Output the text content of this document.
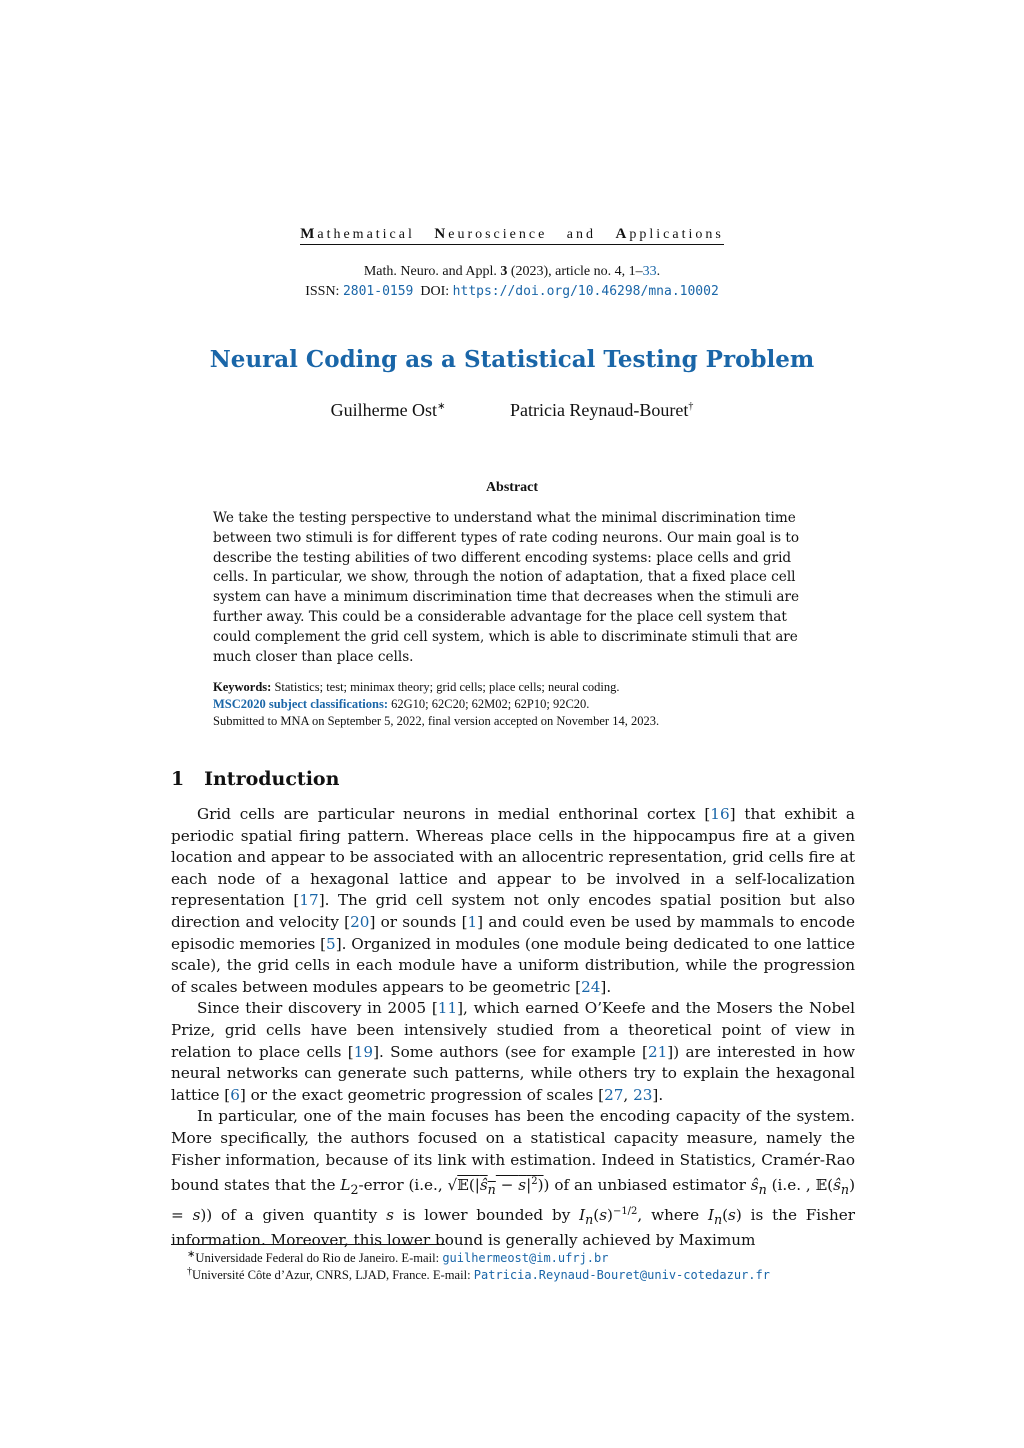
Mathematical   Neuroscience   and   Applications
Math. Neuro. and Appl. 3 (2023), article no. 4, 1–33.
ISSN: 2801-0159 DOI: https://doi.org/10.46298/mna.10002
Neural Coding as a Statistical Testing Problem
Guilherme Ost∗	Patricia Reynaud-Bouret†
Abstract
We take the testing perspective to understand what the minimal discrimination time between two stimuli is for different types of rate coding neurons. Our main goal is to describe the testing abilities of two different encoding systems: place cells and grid cells. In particular, we show, through the notion of adaptation, that a fixed place cell system can have a minimum discrimination time that decreases when the stimuli are further away. This could be a considerable advantage for the place cell system that could complement the grid cell system, which is able to discriminate stimuli that are much closer than place cells.
Keywords: Statistics; test; minimax theory; grid cells; place cells; neural coding.
MSC2020 subject classifications: 62G10; 62C20; 62M02; 62P10; 92C20.
Submitted to MNA on September 5, 2022, final version accepted on November 14, 2023.
1 Introduction

Grid cells are particular neurons in medial enthorinal cortex [16] that exhibit a periodic spatial firing pattern. Whereas place cells in the hippocampus fire at a given location and appear to be associated with an allocentric representation, grid cells fire at each node of a hexagonal lattice and appear to be involved in a self-localization representation [17]. The grid cell system not only encodes spatial position but also direction and velocity [20] or sounds [1] and could even be used by mammals to encode episodic memories [5]. Organized in modules (one module being dedicated to one lattice scale), the grid cells in each module have a uniform distribution, while the progression of scales between modules appears to be geometric [24].

Since their discovery in 2005 [11], which earned O’Keefe and the Mosers the Nobel Prize, grid cells have been intensively studied from a theoretical point of view in relation to place cells [19]. Some authors (see for example [21]) are interested in how neural networks can generate such patterns, while others try to explain the hexagonal lattice [6] or the exact geometric progression of scales [27, 23].

In particular, one of the main focuses has been the encoding capacity of the system. More specifically, the authors focused on a statistical capacity measure, namely the Fisher information, because of its link with estimation. Indeed in Statistics, Cramér-Rao bound states that the $L_2$-error (i.e., $√𝔼(|ŝ_n - s|^2)$) of an unbiased estimator $ŝ_n$ (i.e. , $𝔼(ŝ_n) = s$)) of a given quantity s is lower bounded by $I_n(s)^{-1/2}$, where $I_n(s)$ is the Fisher information. Moreover, this lower bound is generally achieved by Maximum

∗Universidade Federal do Rio de Janeiro. E-mail: guilhermeost@im.ufrj.br
†Université Côte d’Azur, CNRS, LJAD, France. E-mail: Patricia.Reynaud-Bouret@univ-cotedazur.fr
